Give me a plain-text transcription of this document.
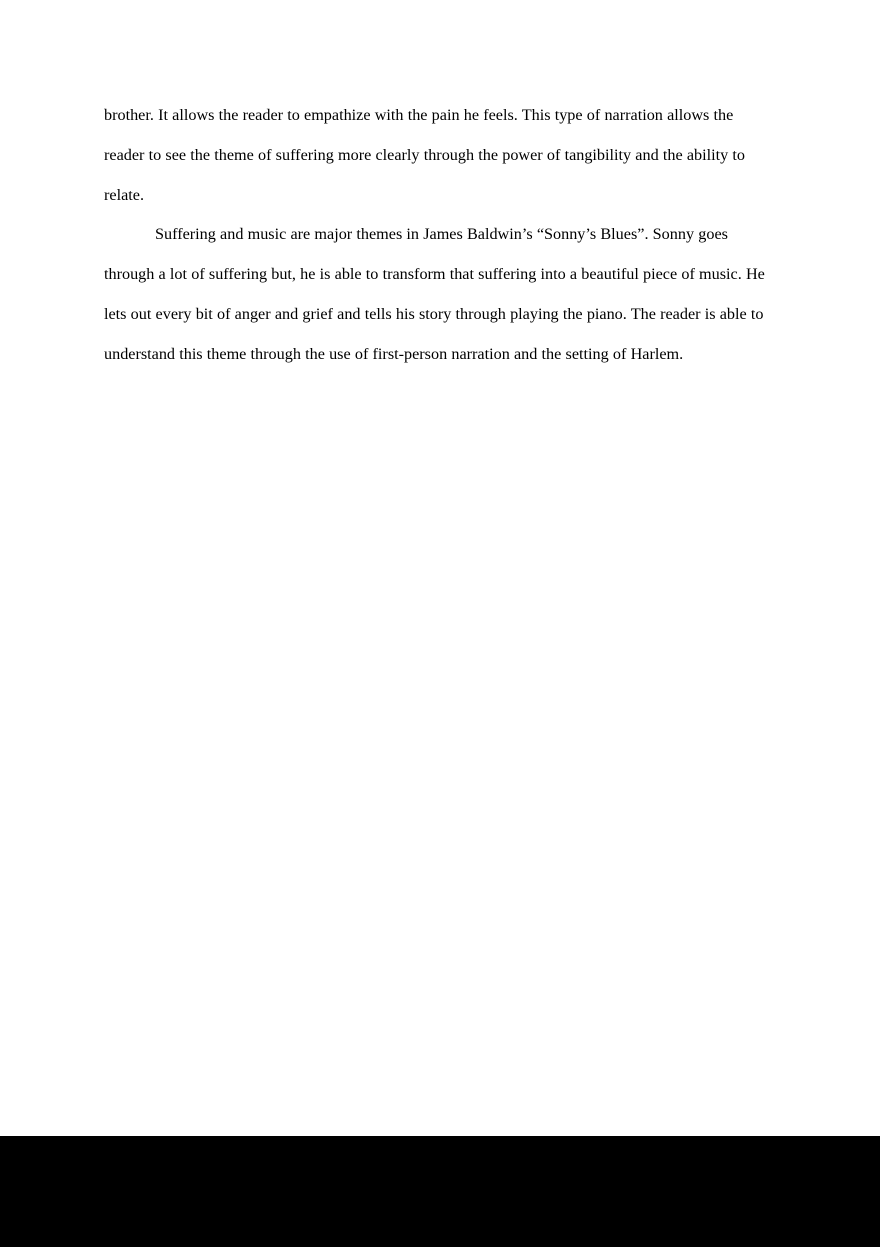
brother. It allows the reader to empathize with the pain he feels. This type of narration allows the reader to see the theme of suffering more clearly through the power of tangibility and the ability to relate.

Suffering and music are major themes in James Baldwin’s “Sonny’s Blues”. Sonny goes through a lot of suffering but, he is able to transform that suffering into a beautiful piece of music. He lets out every bit of anger and grief and tells his story through playing the piano. The reader is able to understand this theme through the use of first-person narration and the setting of Harlem.
